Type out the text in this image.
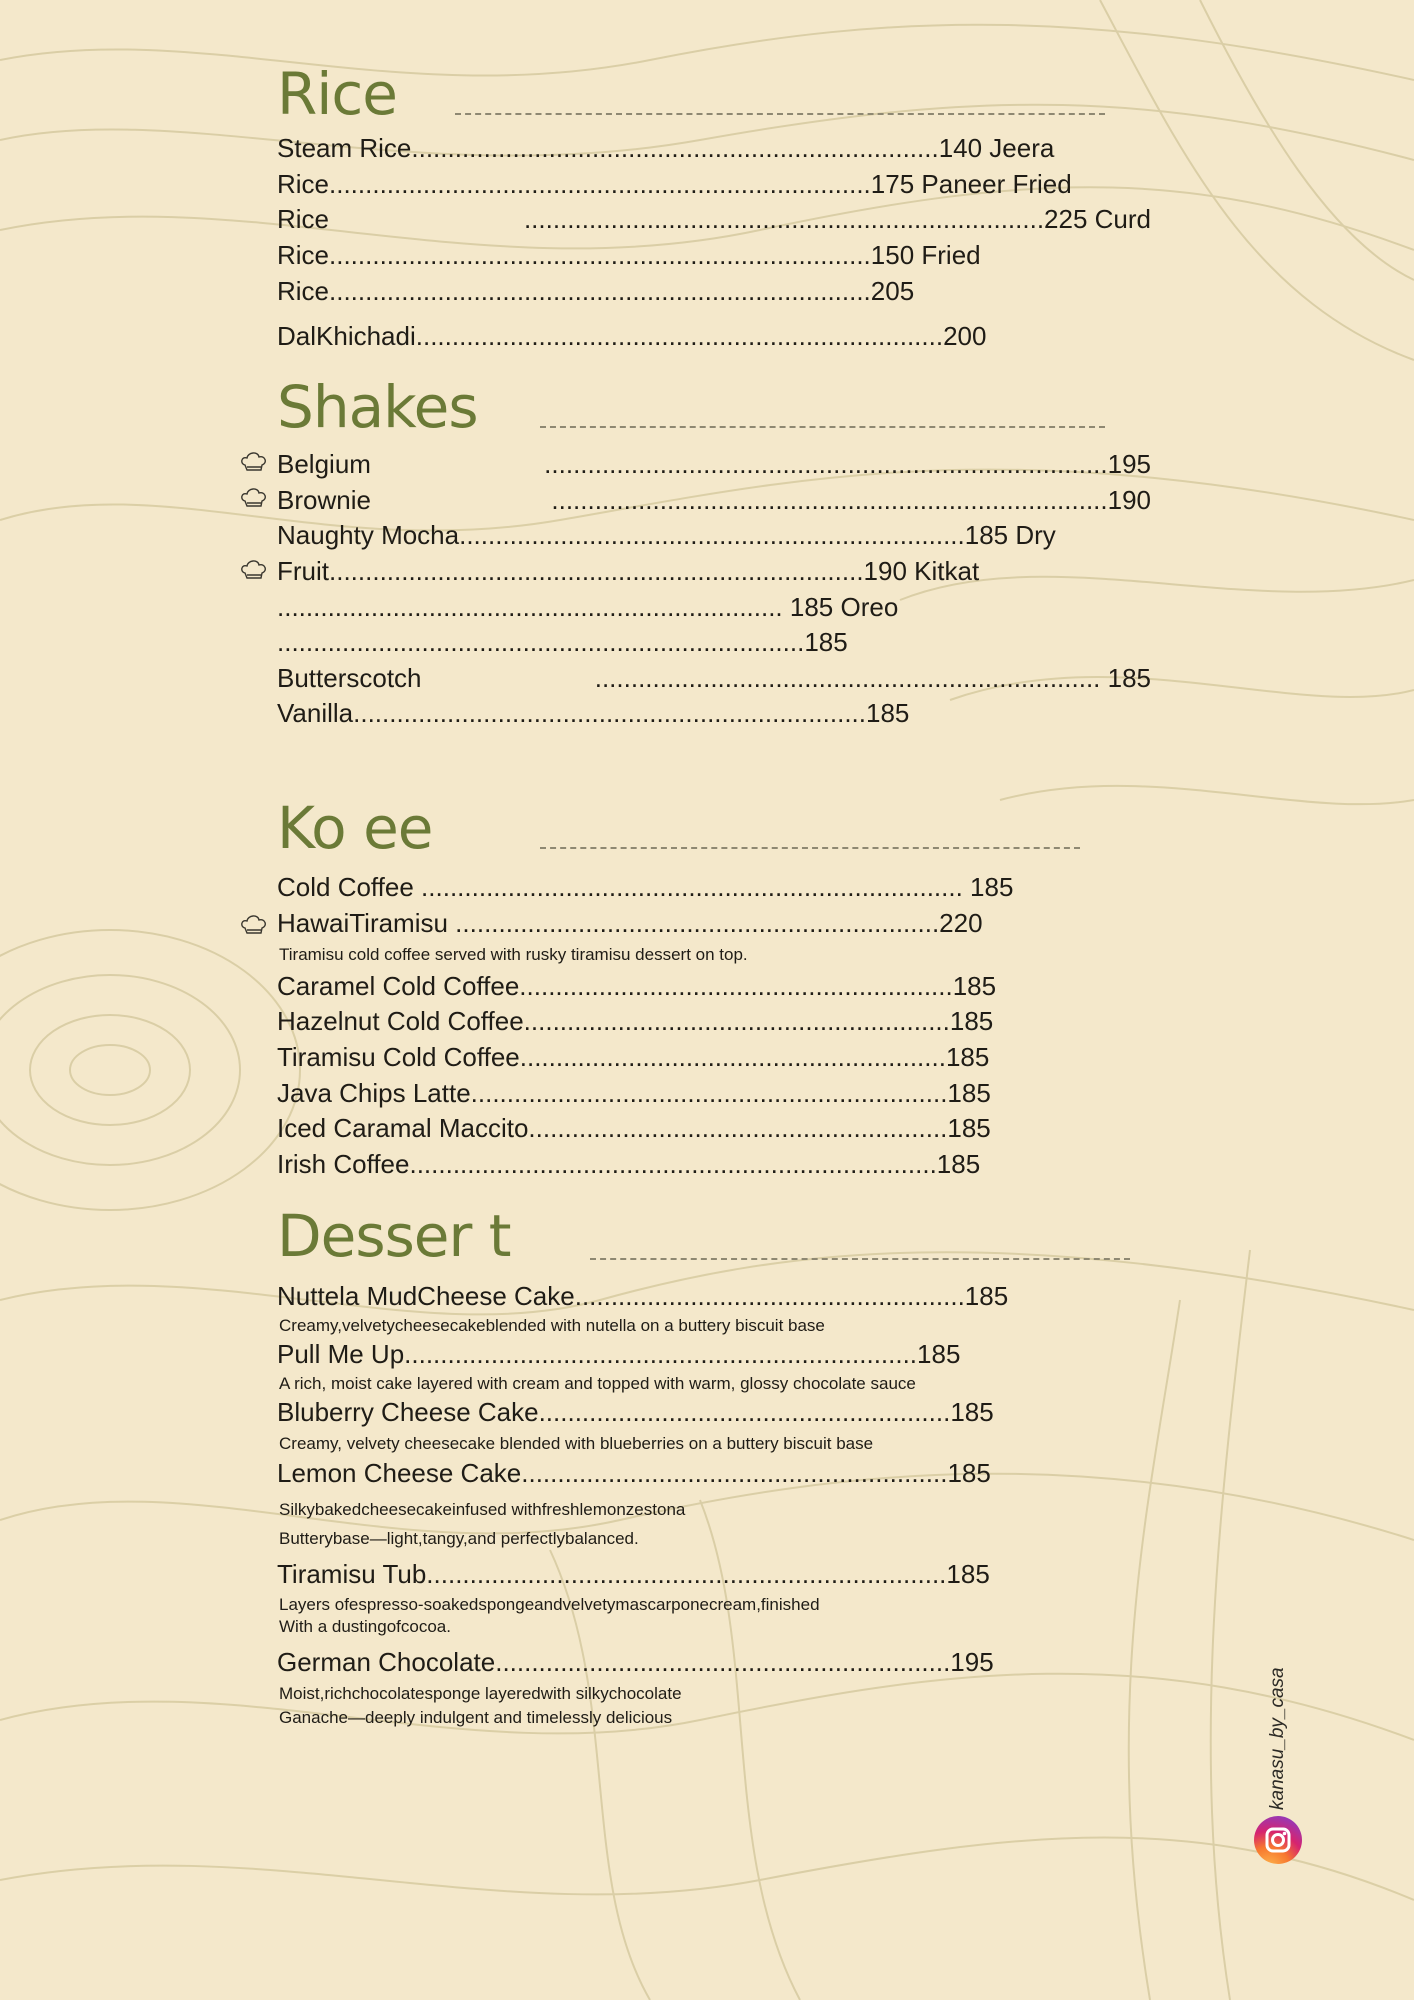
Rice
Steam Rice.........................................................................140 Jeera
Rice...........................................................................175 Paneer Fried
Rice	........................................................................225 Curd
Rice...........................................................................150 Fried
Rice...........................................................................205
DalKhichadi.........................................................................200
Shakes
Belgium	..............................................................................195
Brownie	.............................................................................190
Naughty Mocha......................................................................185 Dry
Fruit..........................................................................190 Kitkat
...................................................................... 185 Oreo
.........................................................................185
Butterscotch	...................................................................... 185
Vanilla.......................................................................185
Ko ee
Cold Coffee ........................................................................... 185
HawaiTiramisu ...................................................................220
Tiramisu cold coffee served with rusky tiramisu dessert on top.
Caramel Cold Coffee............................................................185
Hazelnut Cold Coffee...........................................................185
Tiramisu Cold Coffee...........................................................185
Java Chips Latte..................................................................185
Iced Caramal Maccito..........................................................185
Irish Coffee.........................................................................185
Desser t
Nuttela MudCheese Cake......................................................185
Creamy,velvetycheesecakeblended with nutella on a buttery biscuit base
Pull Me Up.......................................................................185
A rich, moist cake layered with cream and topped with warm, glossy chocolate sauce
Bluberry Cheese Cake.........................................................185
Creamy, velvety cheesecake blended with blueberries on a buttery biscuit base
Lemon Cheese Cake...........................................................185
Silkybakedcheesecakeinfused withfreshlemonzestona
Butterybase—light,tangy,and perfectlybalanced.
Tiramisu Tub........................................................................185
Layers ofespresso-soakedspongeandvelvetymascarponecream,finished
With a dustingofcocoa.
German Chocolate...............................................................195
Moist,richchocolatesponge layeredwith silkychocolate
Ganache—deeply indulgent and timelessly delicious	kanasu_by_casa
